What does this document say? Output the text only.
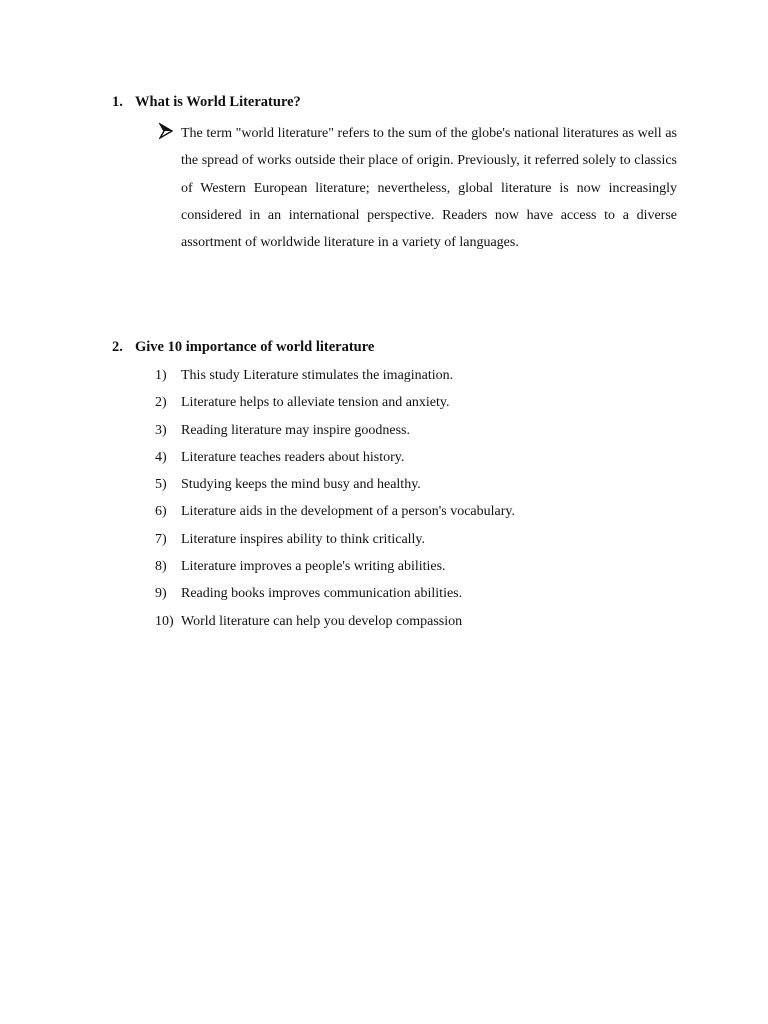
1. What is World Literature?

The term "world literature" refers to the sum of the globe's national literatures as well as the spread of works outside their place of origin. Previously, it referred solely to classics of Western European literature; nevertheless, global literature is now increasingly considered in an international perspective. Readers now have access to a diverse assortment of worldwide literature in a variety of languages.

2. Give 10 importance of world literature
1)	This study Literature stimulates the imagination.
2)	Literature helps to alleviate tension and anxiety.
3)	Reading literature may inspire goodness.
4)	Literature teaches readers about history.
5)	Studying keeps the mind busy and healthy.
6)	Literature aids in the development of a person's vocabulary.
7)	Literature inspires ability to think critically.
8)	Literature improves a people's writing abilities.
9)	Reading books improves communication abilities.
10) World literature can help you develop compassion
